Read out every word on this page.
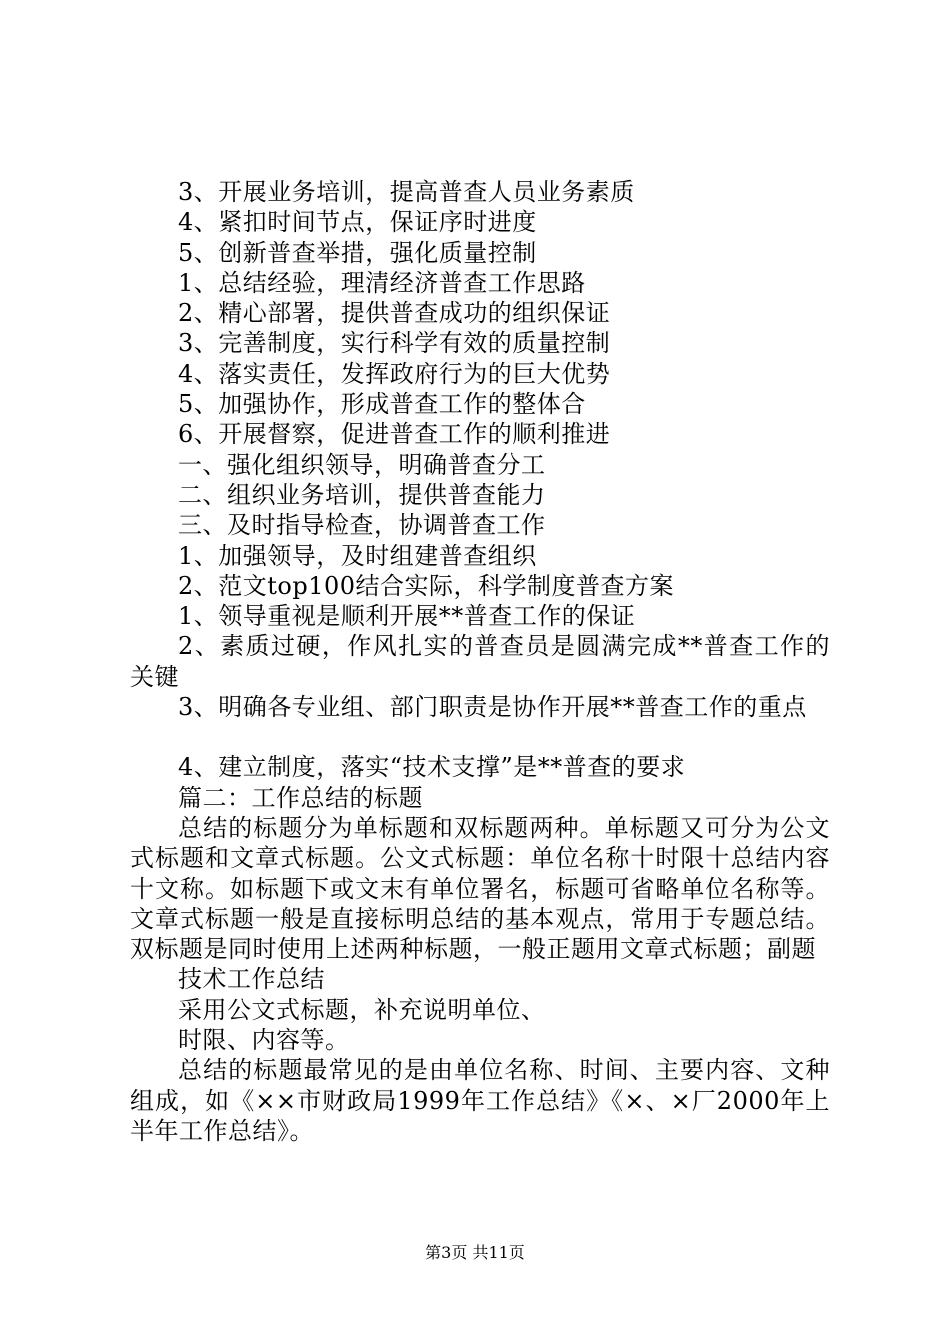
3、开展业务培训，提高普查人员业务素质
4、紧扣时间节点，保证序时进度
5、创新普查举措，强化质量控制
1、总结经验，理清经济普查工作思路
2、精心部署，提供普查成功的组织保证
3、完善制度，实行科学有效的质量控制
4、落实责任，发挥政府行为的巨大优势
5、加强协作，形成普查工作的整体合
6、开展督察，促进普查工作的顺利推进
一、强化组织领导，明确普查分工
二、组织业务培训，提供普查能力
三、及时指导检查，协调普查工作
1、加强领导，及时组建普查组织
2、范文top100结合实际，科学制度普查方案
1、领导重视是顺利开展**普查工作的保证
2、素质过硬，作风扎实的普查员是圆满完成**普查工作的关键
3、明确各专业组、部门职责是协作开展**普查工作的重点
4、建立制度，落实“技术支撑”是**普查的要求
篇二：工作总结的标题
总结的标题分为单标题和双标题两种。单标题又可分为公文式标题和文章式标题。公文式标题：单位名称十时限十总结内容十文称。如标题下或文末有单位署名，标题可省略单位名称等。文章式标题一般是直接标明总结的基本观点，常用于专题总结。双标题是同时使用上述两种标题，一般正题用文章式标题；副题
技术工作总结
采用公文式标题，补充说明单位、
时限、内容等。
总结的标题最常见的是由单位名称、时间、主要内容、文种组成，如《××市财政局1999年工作总结》《×、×厂2000年上半年工作总结》。
第3页 共11页
